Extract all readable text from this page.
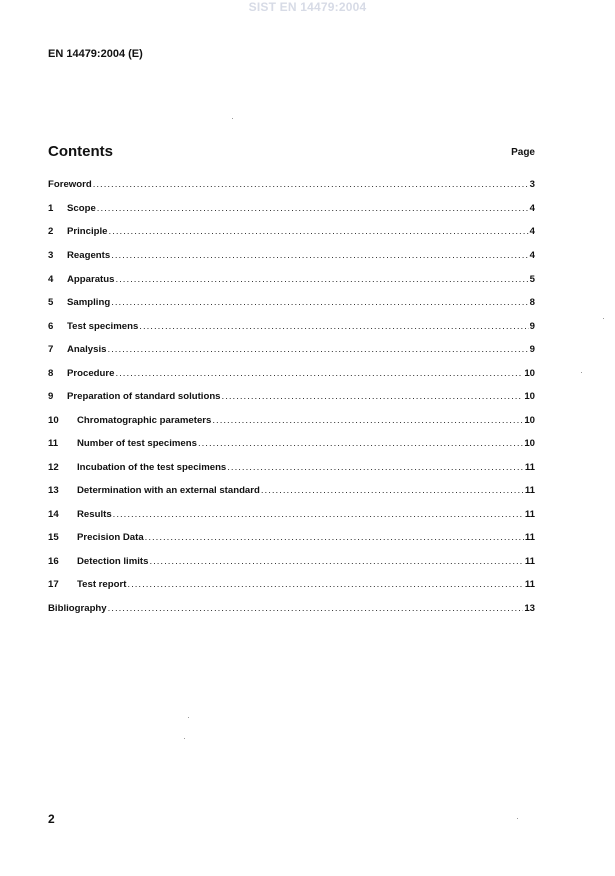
SIST EN 14479:2004
EN 14479:2004 (E)
Contents	Page
Foreword .....	3
1	Scope .....	4
2	Principle .....	4
3	Reagents .....	4
4	Apparatus .....	5
5	Sampling .....	8
6	Test specimens .....	9
7	Analysis .....	9
8	Procedure .....	10
9	Preparation of standard solutions .....	10
10	Chromatographic parameters .....	10
11	Number of test specimens .....	10
12	Incubation of the test specimens .....	11
13	Determination with an external standard .....	11
14	Results .....	11
15	Precision Data .....	11
16	Detection limits .....	11
17	Test report .....	11
Bibliography .....	13
2
